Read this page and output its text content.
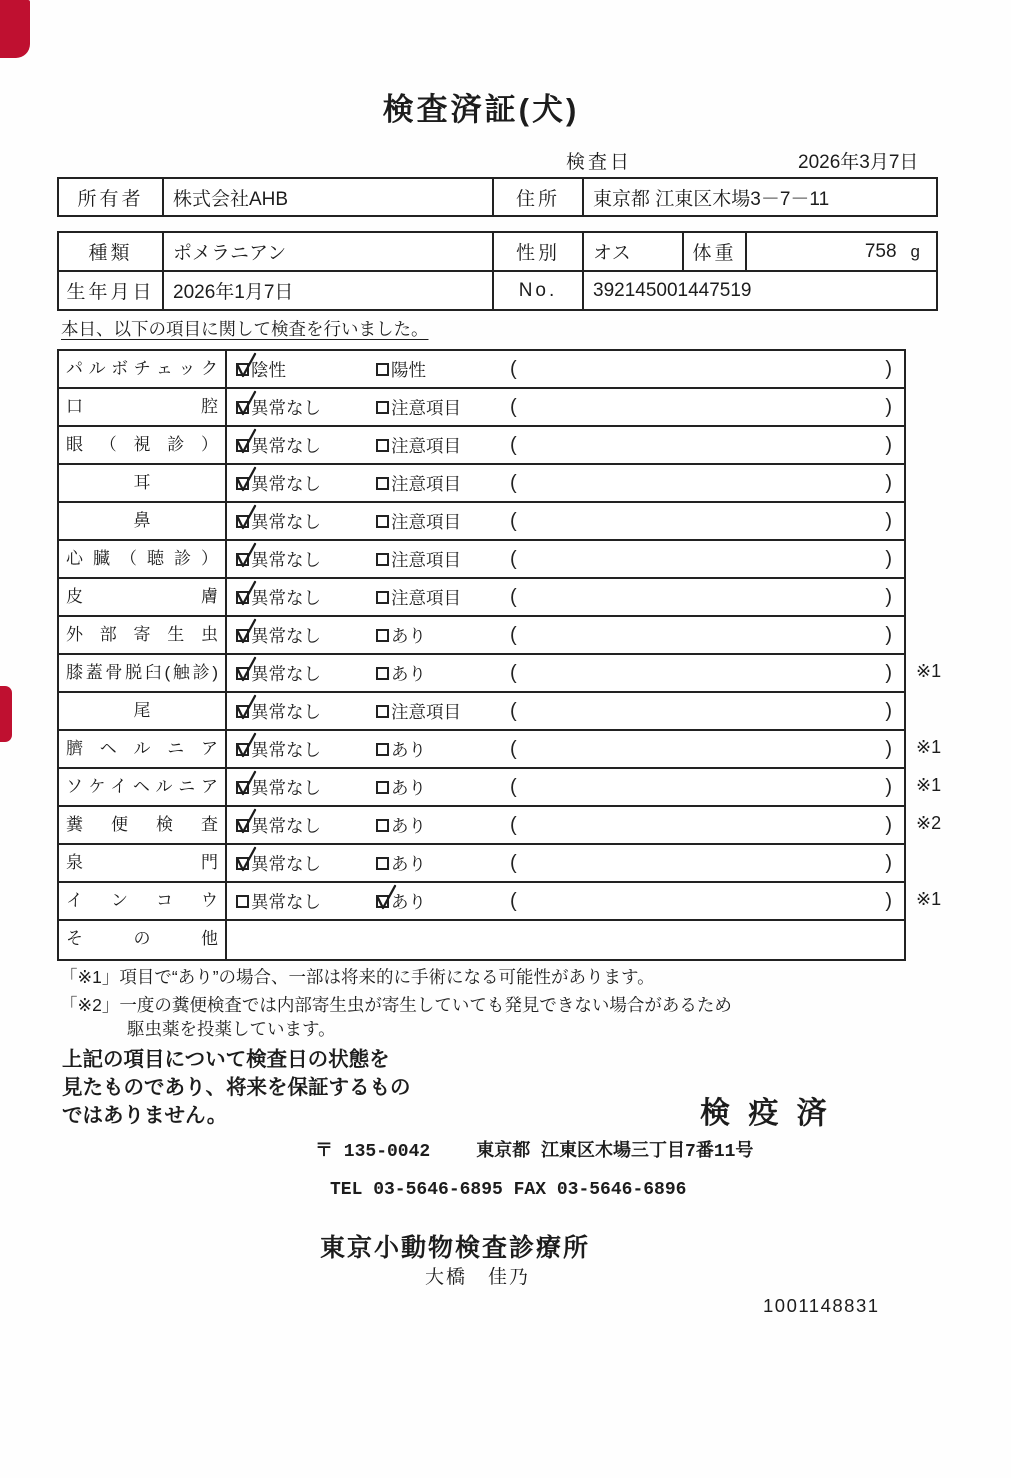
検査済証(犬)
検査日	2026年3月7日
所有者	株式会社AHB	住所	東京都 江東区木場3－7－11
種類	ポメラニアン	性別	オス	体重	758 g
生年月日 2026年1月7日	No.	392145001447519
本日、以下の項目に関して検査を行いました。
パルボチェック	陰性	陽性	(	)
口腔	異常なし	注意項目 (	)
眼（視診）	異常なし	注意項目 (	)
耳	異常なし	注意項目 (	)
鼻	異常なし	注意項目 (	)
心臓（聴診）	異常なし	注意項目 (	)
皮膚	異常なし	注意項目 (	)
外部寄生虫	異常なし	あり	(	)
膝蓋骨脱臼(触診)	異常なし	あり	(	) ※1
尾	異常なし	注意項目 (	)
臍ヘルニア	異常なし	あり	(	) ※1
ソケイヘルニア	異常なし	あり	(	) ※1
糞便検査	異常なし	あり	(	) ※2
泉門	異常なし	あり	(	)
インコウ	異常なし	あり	(	) ※1
その他
「※1」項目で“あり”の場合、一部は将来的に手術になる可能性があります。
「※2」一度の糞便検査では内部寄生虫が寄生していても発見できない場合があるため
駆虫薬を投薬しています。
上記の項目について検査日の状態を
見たものであり、将来を保証するもの
ではありません。	検 疫 済
〒 135-0042	東京都 江東区木場三丁目7番11号
TEL 03-5646-6895 FAX 03-5646-6896
東京小動物検査診療所
大橋　佳乃
1001148831
